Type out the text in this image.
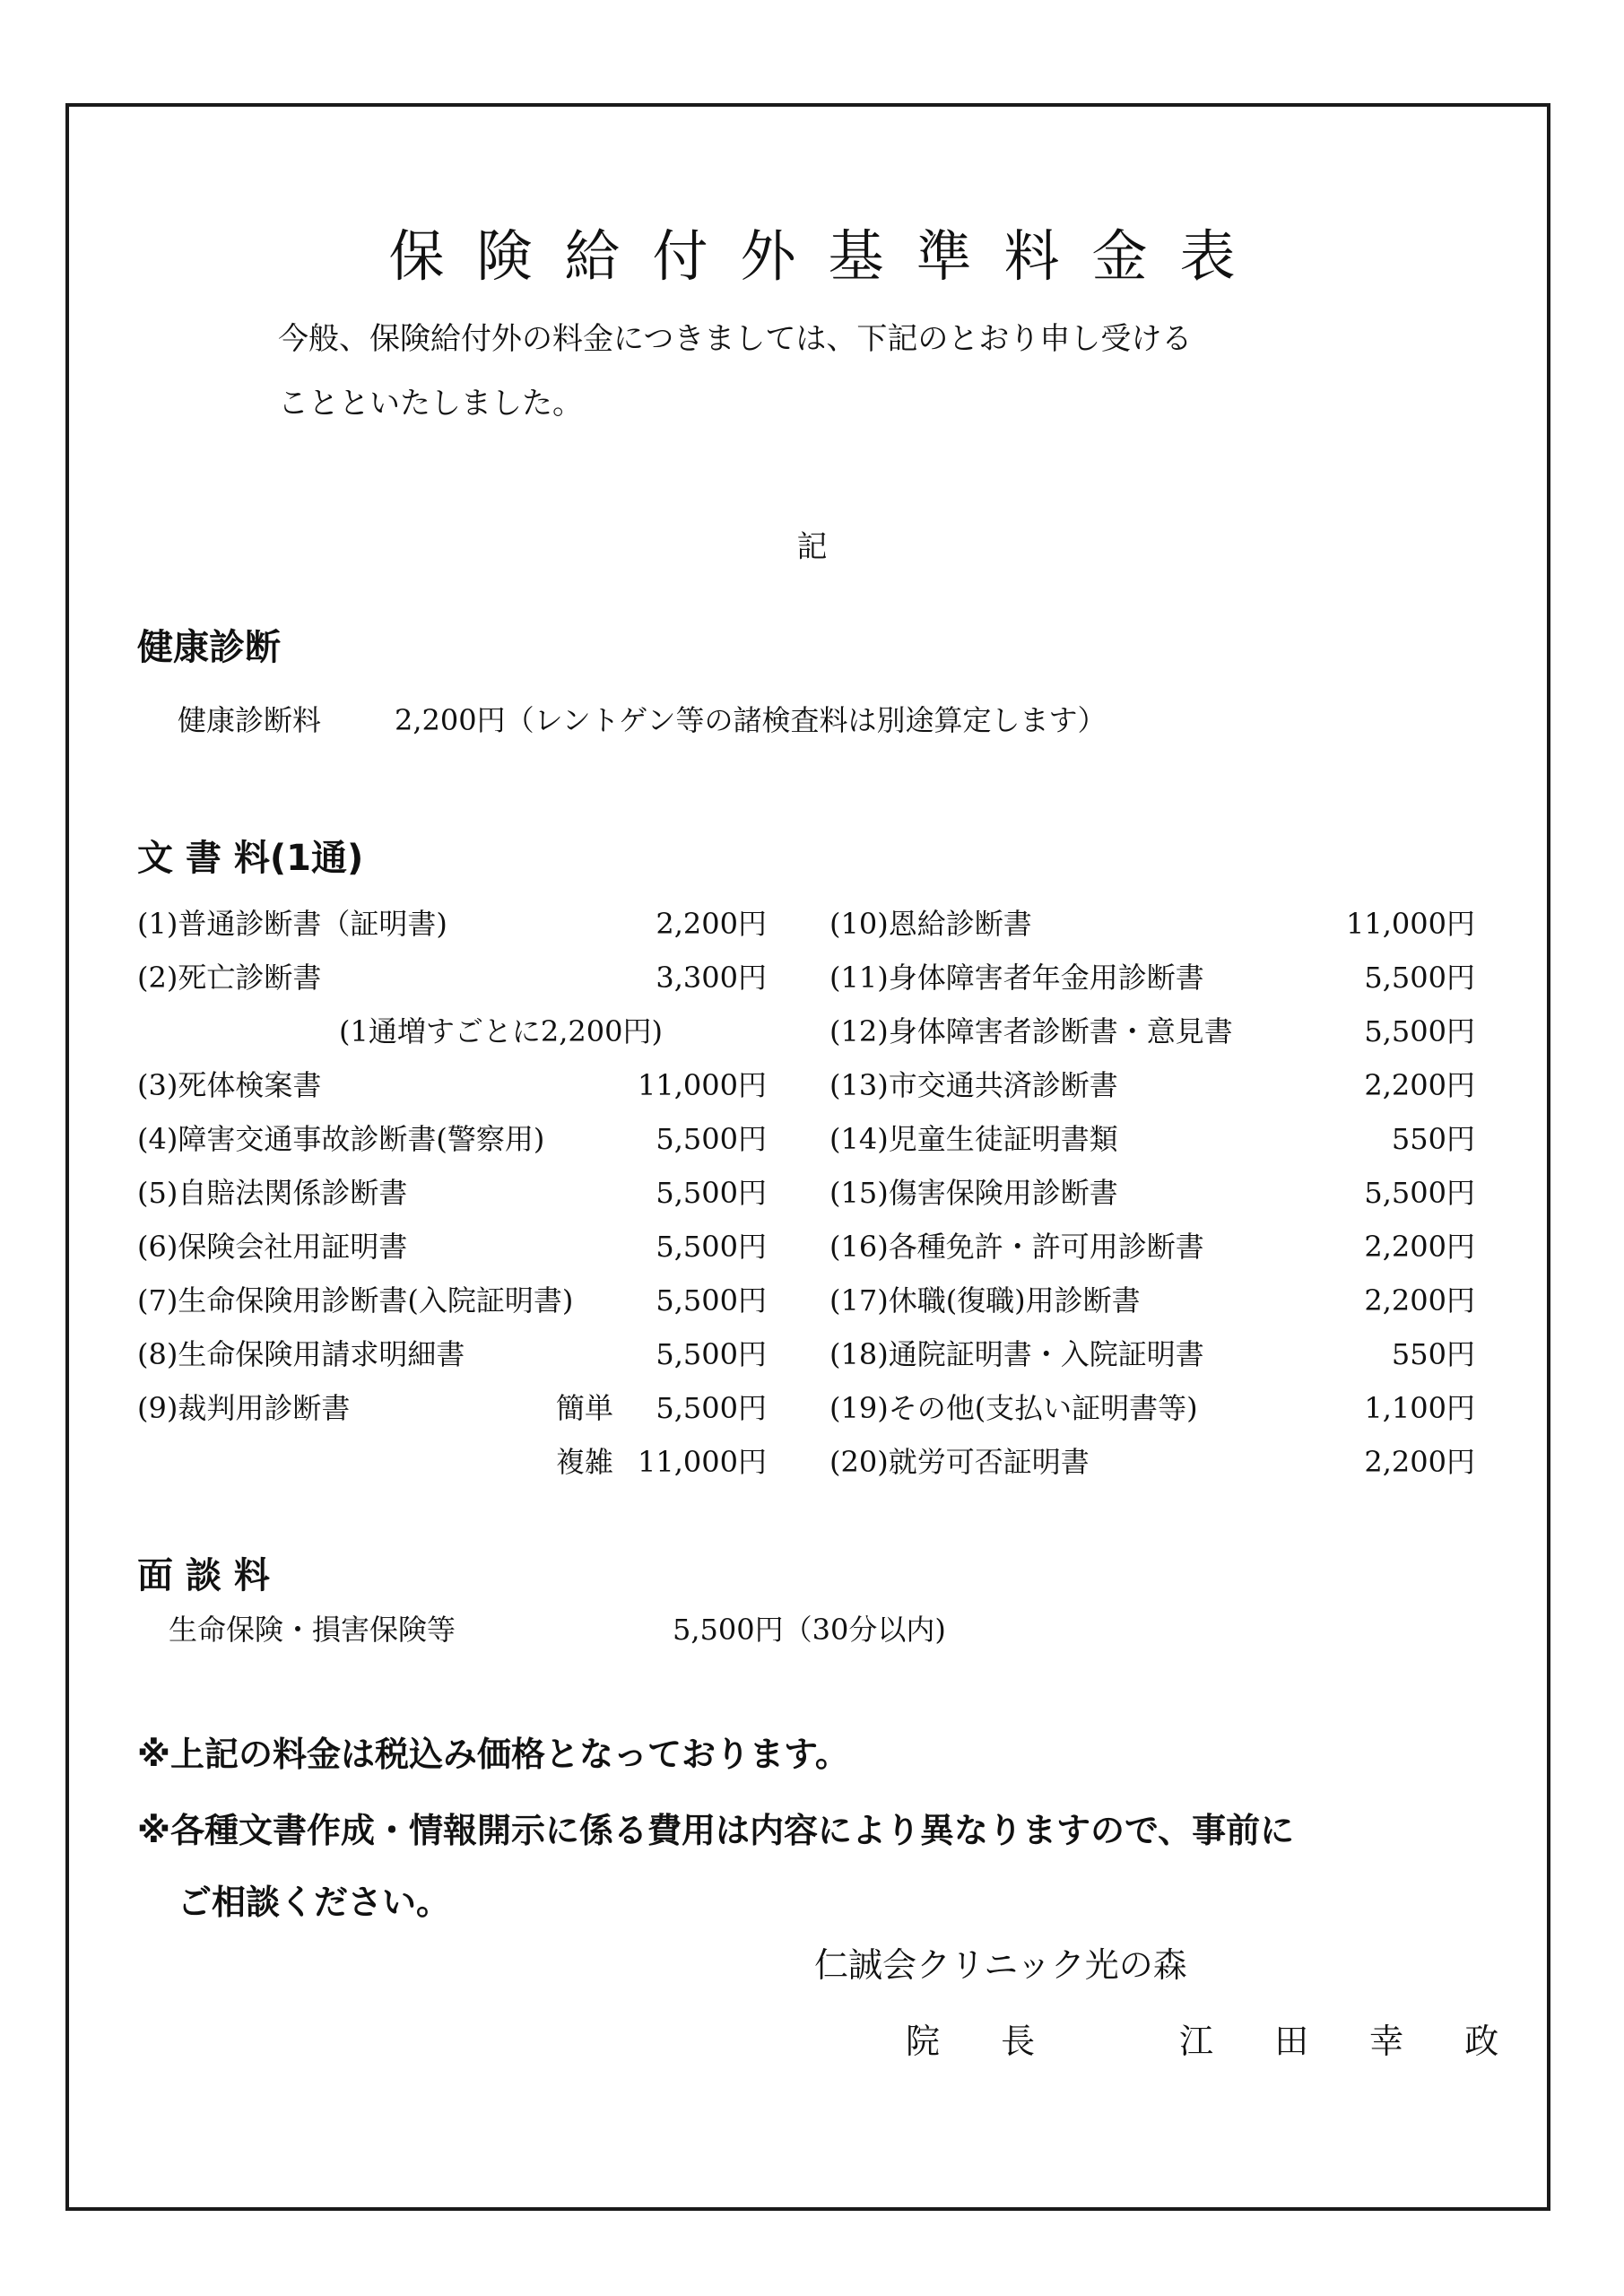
保険給付外基準料金表
今般、保険給付外の料金につきましては、下記のとおり申し受ける
ことといたしました。
記
健康診断
健康診断料	2,200円（レントゲン等の諸検査料は別途算定します）
文 書 料(1通)
(1)普通診断書（証明書)	2,200円
(2)死亡診断書	3,300円
(1通増すごとに2,200円)
(3)死体検案書	11,000円
(4)障害交通事故診断書(警察用)	5,500円
(5)自賠法関係診断書	5,500円
(6)保険会社用証明書	5,500円
(7)生命保険用診断書(入院証明書)	5,500円
(8)生命保険用請求明細書	5,500円
(9)裁判用診断書	簡単 5,500円
複雑 11,000円
(10)恩給診断書	11,000円
(11)身体障害者年金用診断書	5,500円
(12)身体障害者診断書・意見書	5,500円
(13)市交通共済診断書	2,200円
(14)児童生徒証明書類	550円
(15)傷害保険用診断書	5,500円
(16)各種免許・許可用診断書	2,200円
(17)休職(復職)用診断書	2,200円
(18)通院証明書・入院証明書	550円
(19)その他(支払い証明書等)	1,100円
(20)就労可否証明書	2,200円
面 談 料
生命保険・損害保険等	5,500円（30分以内)
※上記の料金は税込み価格となっております。
※各種文書作成・情報開示に係る費用は内容により異なりますので、事前に
ご相談ください。
仁誠会クリニック光の森
院 長	江 田 幸 政
